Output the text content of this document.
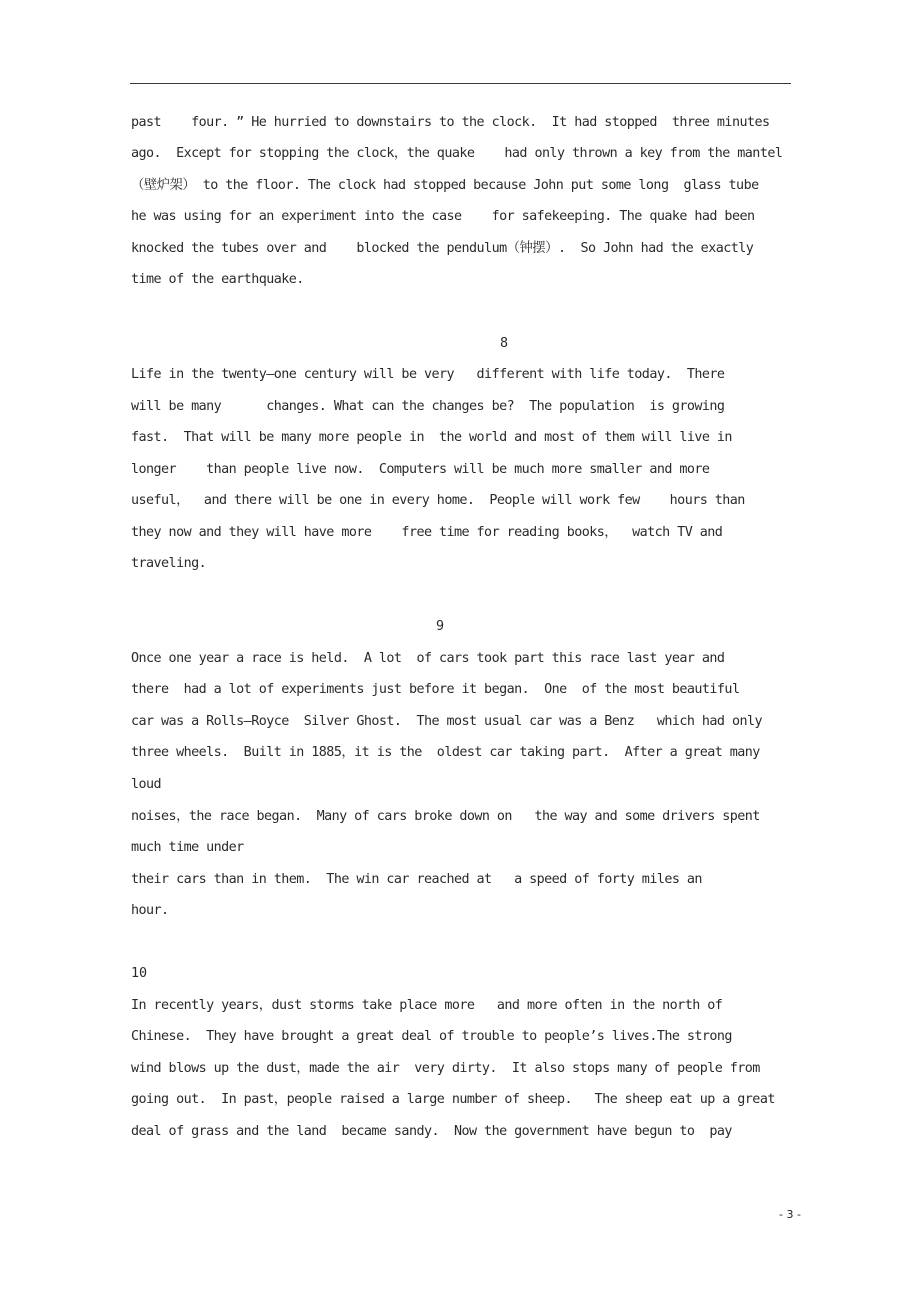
past    four. ” He hurried to downstairs to the clock.  It had stopped  three minutes
ago.  Except for stopping the clock，the quake    had only thrown a key from the mantel
（壁炉架） to the floor. The clock had stopped because John put some long  glass tube
he was using for an experiment into the case    for safekeeping. The quake had been
knocked the tubes over and    blocked the pendulum（钟摆）.  So John had the exactly
time of the earthquake.
8
Life in the twenty—one century will be very   different with life today.  There
will be many      changes. What can the changes be?  The population  is growing
fast.  That will be many more people in  the world and most of them will live in
longer    than people live now.  Computers will be much more smaller and more
useful，  and there will be one in every home.  People will work few    hours than
they now and they will have more    free time for reading books，  watch TV and
traveling.
9
Once one year a race is held.  A lot  of cars took part this race last year and
there  had a lot of experiments just before it began.  One  of the most beautiful
car was a Rolls—Royce  Silver Ghost.  The most usual car was a Benz   which had only
three wheels.  Built in 1885，it is the  oldest car taking part.  After a great many
loud
noises，the race began.  Many of cars broke down on   the way and some drivers spent
much time under
their cars than in them.  The win car reached at   a speed of forty miles an
hour.
10
In recently years，dust storms take place more   and more often in the north of
Chinese.  They have brought a great deal of trouble to people’s lives.The strong
wind blows up the dust，made the air  very dirty.  It also stops many of people from
going out.  In past，people raised a large number of sheep.   The sheep eat up a great
deal of grass and the land  became sandy.  Now the government have begun to  pay
- 3 -
